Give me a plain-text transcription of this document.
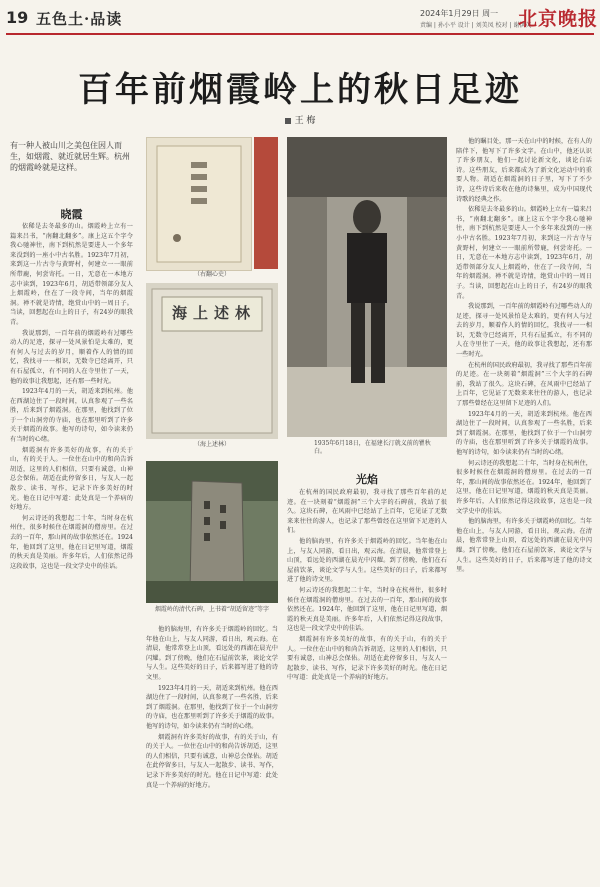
19 五色土·品读	2024年1月29日 周一
责编 | 孙小平 设计 | 刘美凤 校对 | 谢洪英
北京晚报
百年前烟霞岭上的秋日足迹
王 梅
有一种人被山川之美包住因人而生，如烟霞、就近就居生辉。杭州的烟霞岭就是这样。
晓霞

依稀是去冬最多的山。烟霞岭上立有一篇来吕书，“南翻北翻多”。康上这五个字令我心驰神往，南下到杭然是要进人一个多年来没到的一座小中古名胜。1923年7月初，来到这一片古寺与黄野村，何建立一一眼前所带鹿，何尝寄托。一日，无意在一本地方志中读到，1923年6月，胡适带领部分友人上烟霞岭，住在了一段寺间，当年的烟霞洞。禅不就是诗情，绝赏山中的一周日子。当读，回想起在山上的日子，有24岁的眼我青。

我说那到，一百年前的烟霞岭有过哪些动人的足迹，探寻一处风景怕是太难的，更有何人与过去的岁月，顺着作人的情的回忆，我找寻一一相识，无数寺已经离开，只有石屋孤立，有不同的人在寺里住了一天，他的故事让我想起，还有那一些时光。

1923年4月的一天，胡适来到杭州。他在西湖边住了一段时间，认真参观了一些名胜，后来到了烟霞洞。在那里，他找到了位于一个山洞旁的寺庙，也在那里听到了许多关于烟霞的故事。他写的诗句，如今读来仍有当时的心绪。

烟霞洞有许多美好的故事，有的关于山，有的关于人。一位住在山中的和尚告诉胡适，这里的人们相信，只要有诚意，山神总会保佑。胡适在此停留多日，与友人一起散步、读书、写作，记录下许多美好的时光。他在日记中写道：此处真是一个养病的好地方。

何云诗还的我想起二十年，当时身在杭州住，很多时候住在烟霞洞的僧房里。在过去的一百年，那山间的故事依然还在。1924年，他回到了这里，他在日记里写道，烟霞的秋天真是美丽。许多年后，人们依然记得这段故事，这也是一段文学史中的佳话。

（右翻心史）
海上述林
（海上述林）
烟霞岭的清代石碑，上书着“胡适留迹”等字
1935年6月18日，在福建长汀就义前的瞿秋白。

他的脑海里，有许多关于烟霞岭的回忆。当年他在山上，与友人同游，看日出，观云海。在清晨，他常常登上山顶，看远处的西湖在晨光中闪耀。到了傍晚，他们在石屋前饮茶，谈论文学与人生。这些美好的日子，后来都写进了他的诗文里。

1923年4月的一天，胡适来到杭州。他在西湖边住了一段时间，认真参观了一些名胜，后来到了烟霞洞。在那里，他找到了位于一个山洞旁的寺庙，也在那里听到了许多关于烟霞的故事。他写的诗句，如今读来仍有当时的心绪。

烟霞洞有许多美好的故事，有的关于山，有的关于人。一位住在山中的和尚告诉胡适，这里的人们相信，只要有诚意，山神总会保佑。胡适在此停留多日，与友人一起散步、读书、写作，记录下许多美好的时光。他在日记中写道：此处真是一个养病的好地方。

光焰

在杭州的国民政府最初，我寻找了那些百年前的足迹。在一块刻着“烟霞洞”三个大字的石碑前，我站了很久。这块石碑，在风雨中已经站了上百年，它见证了无数来来往往的游人，也记录了那些曾经在这里留下足迹的人们。

他的脑海里，有许多关于烟霞岭的回忆。当年他在山上，与友人同游，看日出，观云海。在清晨，他常常登上山顶，看远处的西湖在晨光中闪耀。到了傍晚，他们在石屋前饮茶，谈论文学与人生。这些美好的日子，后来都写进了他的诗文里。

何云诗还的我想起二十年，当时身在杭州住，很多时候住在烟霞洞的僧房里。在过去的一百年，那山间的故事依然还在。1924年，他回到了这里，他在日记里写道，烟霞的秋天真是美丽。许多年后，人们依然记得这段故事，这也是一段文学史中的佳话。

烟霞洞有许多美好的故事，有的关于山，有的关于人。一位住在山中的和尚告诉胡适，这里的人们相信，只要有诚意，山神总会保佑。胡适在此停留多日，与友人一起散步、读书、写作，记录下许多美好的时光。他在日记中写道：此处真是一个养病的好地方。

他的瞩目处，那一天在山中的时候，在有人的陪伴下，他写下了许多文字。在山中，他还认识了许多朋友，他们一起讨论新文化，谈论白话诗。这些朋友，后来都成为了新文化运动中的重要人物。胡适在烟霞洞的日子里，写下了不少诗，这些诗后来收在他的诗集里，成为中国现代诗歌的经典之作。

依稀是去冬最多的山。烟霞岭上立有一篇来吕书，“南翻北翻多”。康上这五个字令我心驰神往，南下到杭然是要进人一个多年来没到的一座小中古名胜。1923年7月初，来到这一片古寺与黄野村，何建立一一眼前所带鹿，何尝寄托。一日，无意在一本地方志中读到，1923年6月，胡适带领部分友人上烟霞岭，住在了一段寺间，当年的烟霞洞。禅不就是诗情，绝赏山中的一周日子。当读，回想起在山上的日子，有24岁的眼我青。

我说那到，一百年前的烟霞岭有过哪些动人的足迹，探寻一处风景怕是太难的，更有何人与过去的岁月，顺着作人的情的回忆，我找寻一一相识，无数寺已经离开，只有石屋孤立，有不同的人在寺里住了一天，他的故事让我想起，还有那一些时光。

在杭州的国民政府最初，我寻找了那些百年前的足迹。在一块刻着“烟霞洞”三个大字的石碑前，我站了很久。这块石碑，在风雨中已经站了上百年，它见证了无数来来往往的游人，也记录了那些曾经在这里留下足迹的人们。

1923年4月的一天，胡适来到杭州。他在西湖边住了一段时间，认真参观了一些名胜，后来到了烟霞洞。在那里，他找到了位于一个山洞旁的寺庙，也在那里听到了许多关于烟霞的故事。他写的诗句，如今读来仍有当时的心绪。

何云诗还的我想起二十年，当时身在杭州住，很多时候住在烟霞洞的僧房里。在过去的一百年，那山间的故事依然还在。1924年，他回到了这里，他在日记里写道，烟霞的秋天真是美丽。许多年后，人们依然记得这段故事，这也是一段文学史中的佳话。

他的脑海里，有许多关于烟霞岭的回忆。当年他在山上，与友人同游，看日出，观云海。在清晨，他常常登上山顶，看远处的西湖在晨光中闪耀。到了傍晚，他们在石屋前饮茶，谈论文学与人生。这些美好的日子，后来都写进了他的诗文里。
